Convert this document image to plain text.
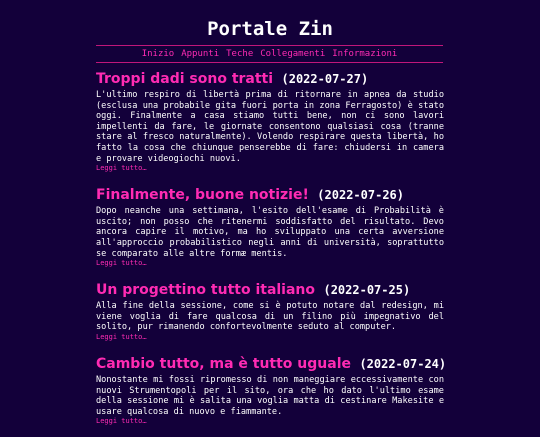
Portale Zin
Inizio Appunti Teche Collegamenti Informazioni
Troppi dadi sono tratti (2022-07-27)

L'ultimo respiro di libertà prima di ritornare in apnea da studio (esclusa una probabile gita fuori porta in zona Ferragosto) è stato oggi. Finalmente a casa stiamo tutti bene, non ci sono lavori impellenti da fare, le giornate consentono qualsiasi cosa (tranne stare al fresco naturalmente). Volendo respirare questa libertà, ho fatto la cosa che chiunque penserebbe di fare: chiudersi in camera e provare videogiochi nuovi.

Leggi tutto…
Finalmente, buone notizie! (2022-07-26)

Dopo neanche una settimana, l'esito dell'esame di Probabilità è uscito; non posso che ritenermi soddisfatto del risultato. Devo ancora capire il motivo, ma ho sviluppato una certa avversione all'approccio probabilistico negli anni di università, soprattutto se comparato alle altre formæ mentis.

Leggi tutto…
Un progettino tutto italiano (2022-07-25)

Alla fine della sessione, come si è potuto notare dal redesign, mi viene voglia di fare qualcosa di un filino più impegnativo del solito, pur rimanendo confortevolmente seduto al computer.

Leggi tutto…
Cambio tutto, ma è tutto uguale (2022-07-24)

Nonostante mi fossi ripromesso di non maneggiare eccessivamente con nuovi Strumentopoli per il sito, ora che ho dato l'ultimo esame della sessione mi è salita una voglia matta di cestinare Makesite e usare qualcosa di nuovo e fiammante.

Leggi tutto…
